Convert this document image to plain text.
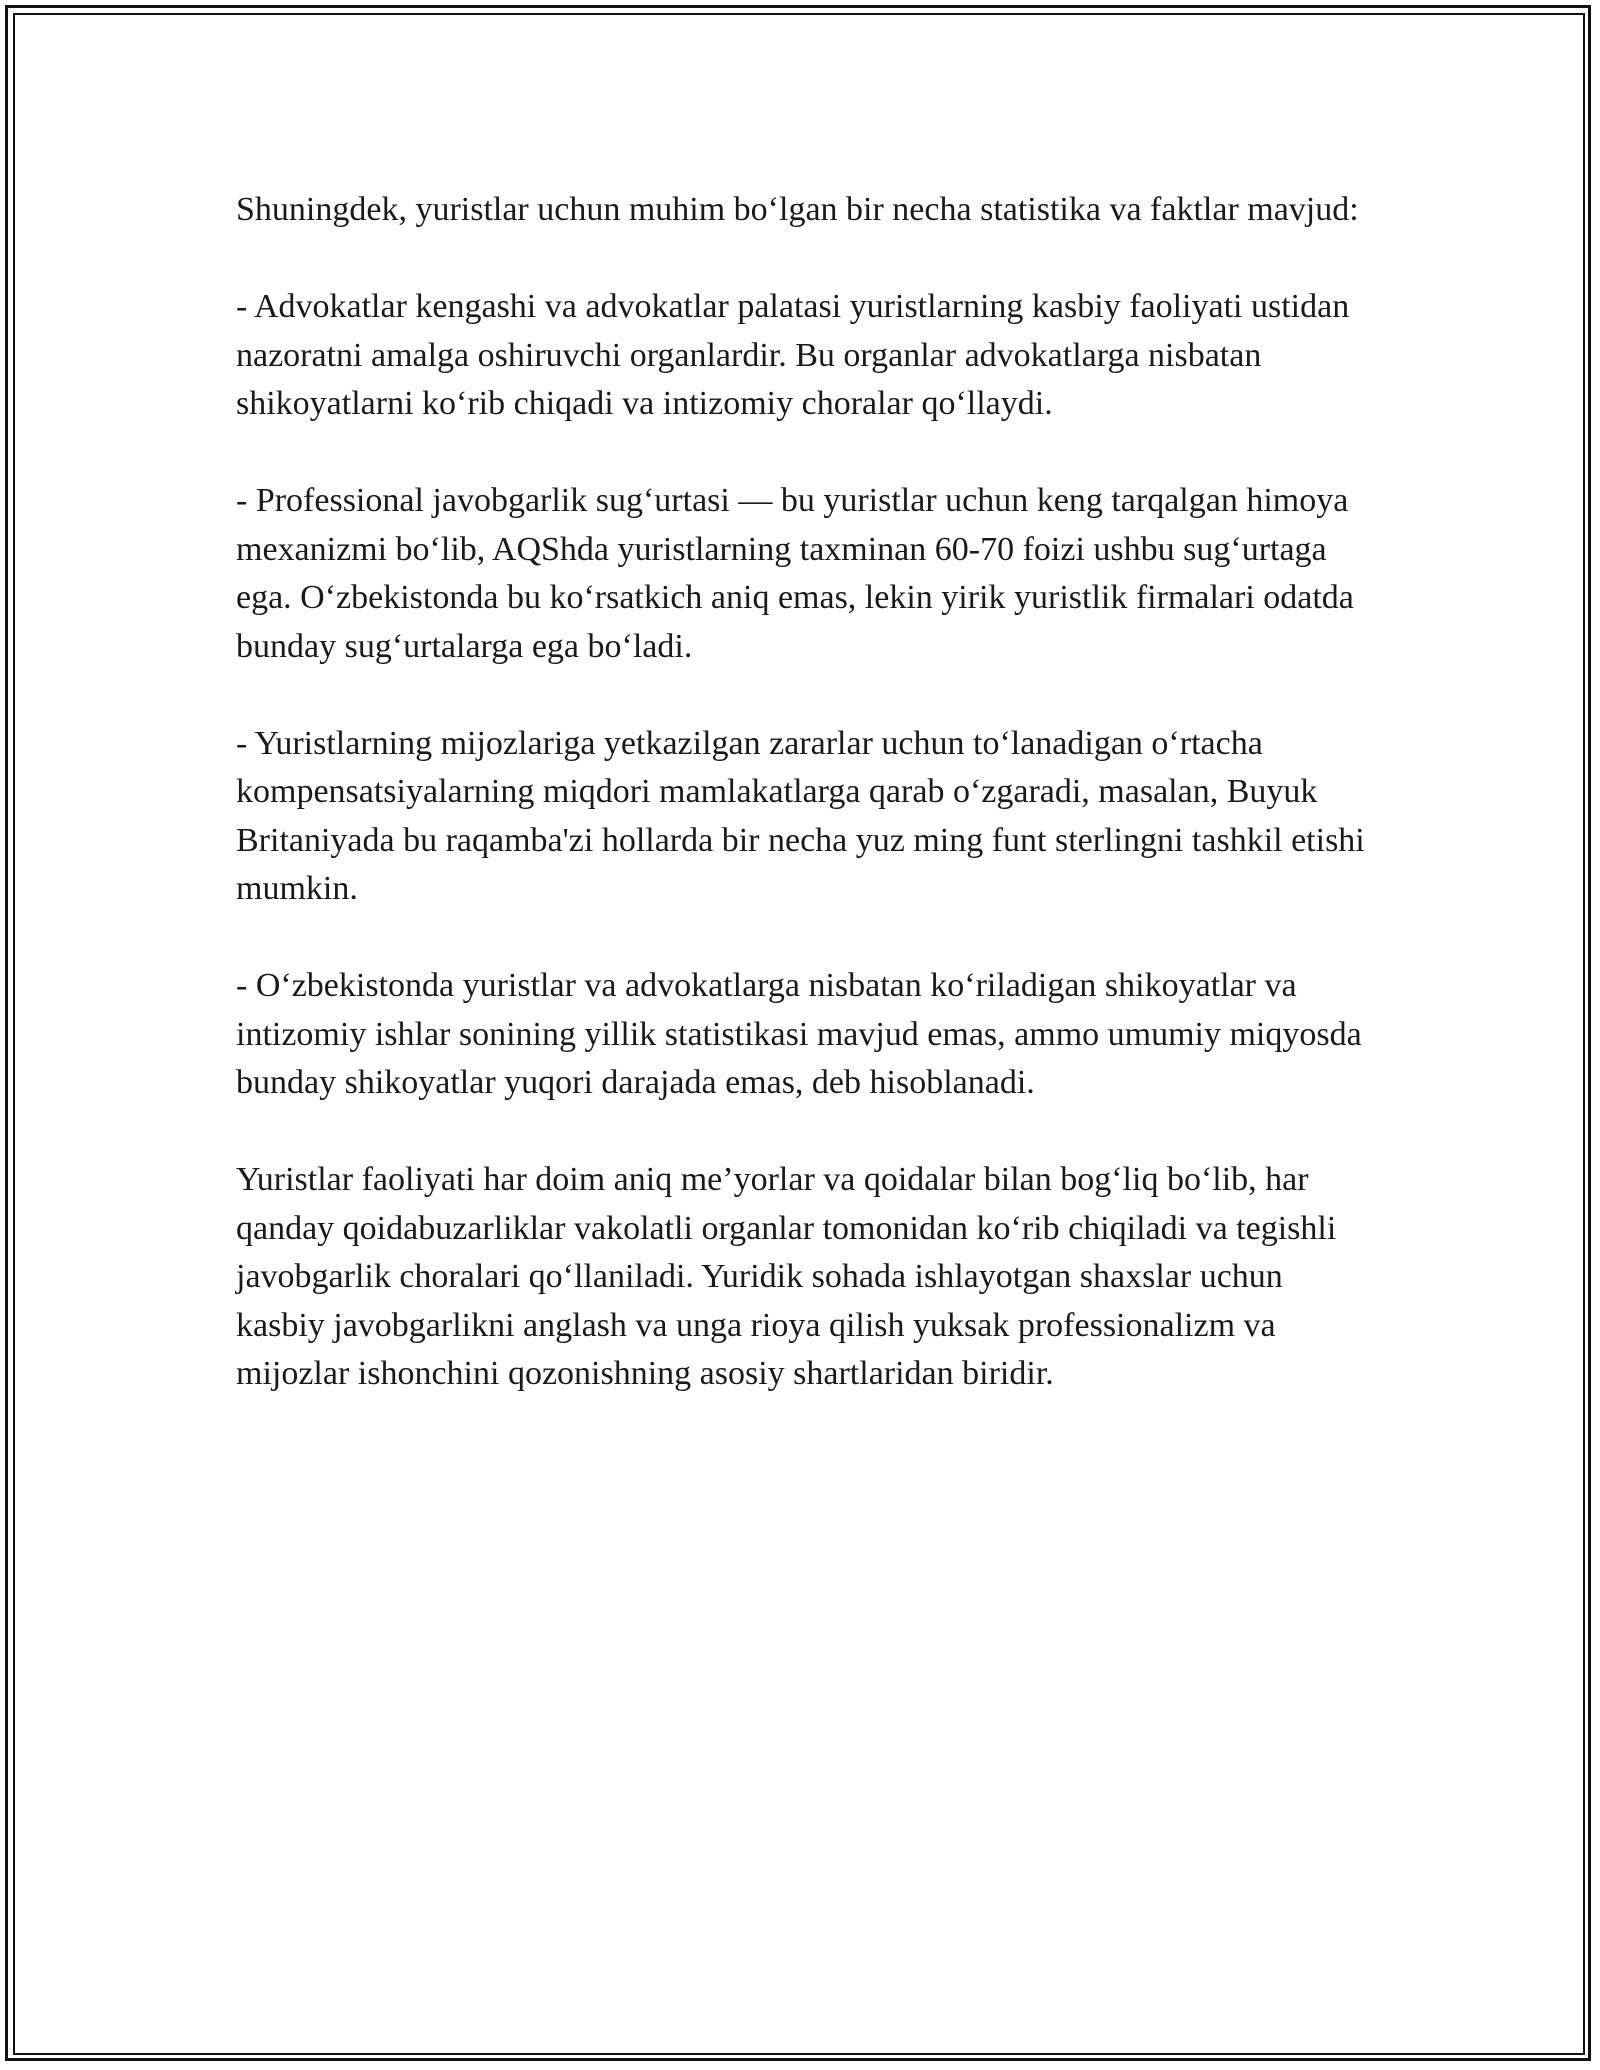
Shuningdek, yuristlar uchun muhim bo‘lgan bir necha statistika va faktlar mavjud:

- Advokatlar kengashi va advokatlar palatasi yuristlarning kasbiy faoliyati ustidan nazoratni amalga oshiruvchi organlardir. Bu organlar advokatlarga nisbatan shikoyatlarni ko‘rib chiqadi va intizomiy choralar qo‘llaydi.

- Professional javobgarlik sug‘urtasi — bu yuristlar uchun keng tarqalgan himoya mexanizmi bo‘lib, AQShda yuristlarning taxminan 60-70 foizi ushbu sug‘urtaga ega. O‘zbekistonda bu ko‘rsatkich aniq emas, lekin yirik yuristlik firmalari odatda bunday sug‘urtalarga ega bo‘ladi.

- Yuristlarning mijozlariga yetkazilgan zararlar uchun to‘lanadigan o‘rtacha kompensatsiyalarning miqdori mamlakatlarga qarab o‘zgaradi, masalan, Buyuk Britaniyada bu raqamba'zi hollarda bir necha yuz ming funt sterlingni tashkil etishi mumkin.

- O‘zbekistonda yuristlar va advokatlarga nisbatan ko‘riladigan shikoyatlar va intizomiy ishlar sonining yillik statistikasi mavjud emas, ammo umumiy miqyosda bunday shikoyatlar yuqori darajada emas, deb hisoblanadi.

Yuristlar faoliyati har doim aniq me’yorlar va qoidalar bilan bog‘liq bo‘lib, har qanday qoidabuzarliklar vakolatli organlar tomonidan ko‘rib chiqiladi va tegishli javobgarlik choralari qo‘llaniladi. Yuridik sohada ishlayotgan shaxslar uchun kasbiy javobgarlikni anglash va unga rioya qilish yuksak professionalizm va mijozlar ishonchini qozonishning asosiy shartlaridan biridir.
